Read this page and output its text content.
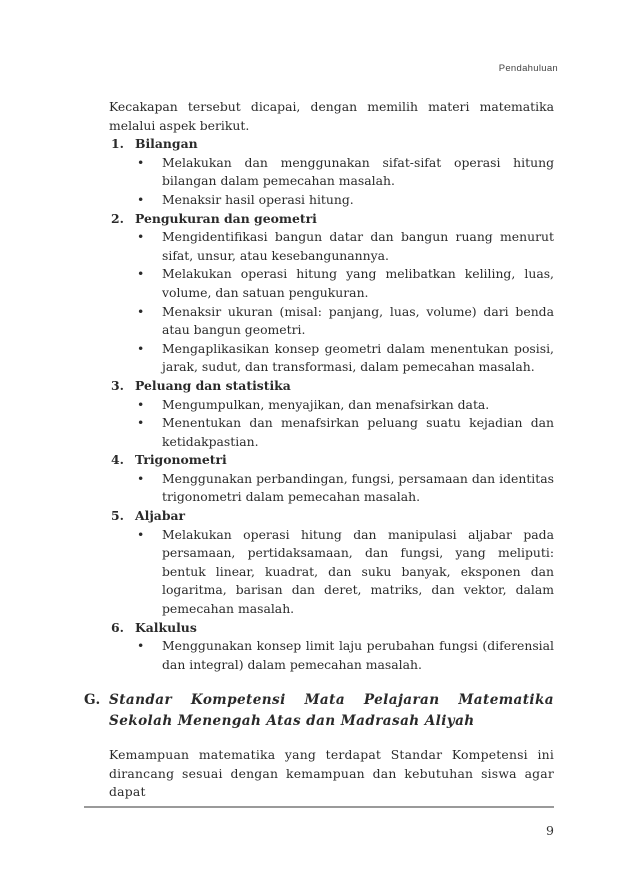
Pendahuluan

Kecakapan tersebut dicapai, dengan memilih materi matematika melalui aspek berikut.

1. Bilangan
• Melakukan dan menggunakan sifat-sifat operasi hitung bilangan dalam pemecahan masalah.
• Menaksir hasil operasi hitung.
2. Pengukuran dan geometri
• Mengidentifikasi bangun datar dan bangun ruang menurut sifat, unsur, atau kesebangunannya.
• Melakukan operasi hitung yang melibatkan keliling, luas, volume, dan satuan pengukuran.
• Menaksir ukuran (misal: panjang, luas, volume) dari benda atau bangun geometri.
• Mengaplikasikan konsep geometri dalam menentukan posisi, jarak, sudut, dan transformasi, dalam pemecahan masalah.
3. Peluang dan statistika
• Mengumpulkan, menyajikan, dan menafsirkan data.
• Menentukan dan menafsirkan peluang suatu kejadian dan ketidakpastian.
4. Trigonometri
• Menggunakan perbandingan, fungsi, persamaan dan identitas trigonometri dalam pemecahan masalah.
5. Aljabar
• Melakukan operasi hitung dan manipulasi aljabar pada persamaan, pertidaksamaan, dan fungsi, yang meliputi: bentuk linear, kuadrat, dan suku banyak, eksponen dan logaritma, barisan dan deret, matriks, dan vektor, dalam pemecahan masalah.
6. Kalkulus
• Menggunakan konsep limit laju perubahan fungsi (diferensial dan integral) dalam pemecahan masalah.
G. Standar Kompetensi Mata Pelajaran Matematika Sekolah Menengah Atas dan Madrasah Aliyah

Kemampuan matematika yang terdapat Standar Kompetensi ini dirancang sesuai dengan kemampuan dan kebutuhan siswa agar dapat

9
